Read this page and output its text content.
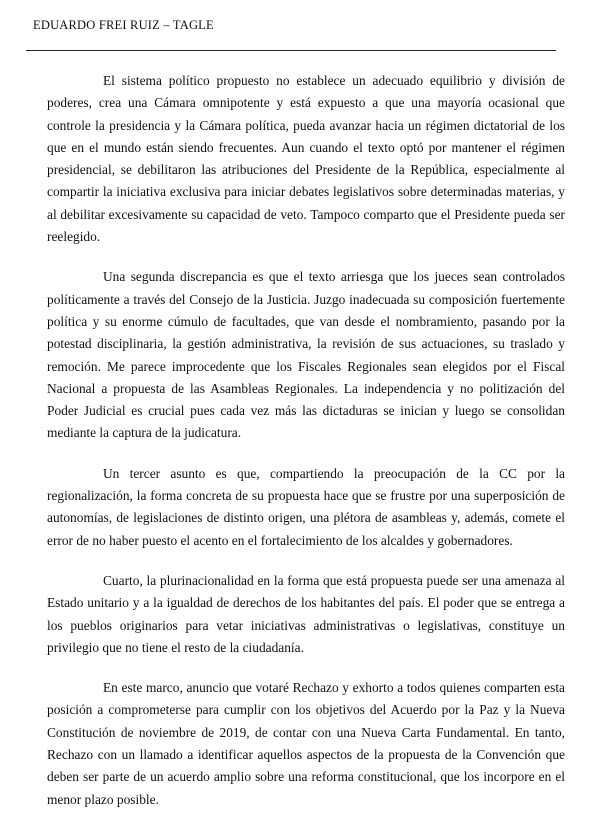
EDUARDO FREI RUIZ – TAGLE

El sistema político propuesto no establece un adecuado equilibrio y división de poderes, crea una Cámara omnipotente y está expuesto a que una mayoría ocasional que controle la presidencia y la Cámara política, pueda avanzar hacia un régimen dictatorial de los que en el mundo están siendo frecuentes. Aun cuando el texto optó por mantener el régimen presidencial, se debilitaron las atribuciones del Presidente de la República, especialmente al compartir la iniciativa exclusiva para iniciar debates legislativos sobre determinadas materias, y al debilitar excesivamente su capacidad de veto. Tampoco comparto que el Presidente pueda ser reelegido.

Una segunda discrepancia es que el texto arriesga que los jueces sean controlados políticamente a través del Consejo de la Justicia. Juzgo inadecuada su composición fuertemente política y su enorme cúmulo de facultades, que van desde el nombramiento, pasando por la potestad disciplinaria, la gestión administrativa, la revisión de sus actuaciones, su traslado y remoción. Me parece improcedente que los Fiscales Regionales sean elegidos por el Fiscal Nacional a propuesta de las Asambleas Regionales. La independencia y no politización del Poder Judicial es crucial pues cada vez más las dictaduras se inician y luego se consolidan mediante la captura de la judicatura.

Un tercer asunto es que, compartiendo la preocupación de la CC por la regionalización, la forma concreta de su propuesta hace que se frustre por una superposición de autonomías, de legislaciones de distinto origen, una plétora de asambleas y, además, comete el error de no haber puesto el acento en el fortalecimiento de los alcaldes y gobernadores.

Cuarto, la plurinacionalidad en la forma que está propuesta puede ser una amenaza al Estado unitario y a la igualdad de derechos de los habitantes del país. El poder que se entrega a los pueblos originarios para vetar iniciativas administrativas o legislativas, constituye un privilegio que no tiene el resto de la ciudadanía.

En este marco, anuncio que votaré Rechazo y exhorto a todos quienes comparten esta posición a comprometerse para cumplir con los objetivos del Acuerdo por la Paz y la Nueva Constitución de noviembre de 2019, de contar con una Nueva Carta Fundamental. En tanto, Rechazo con un llamado a identificar aquellos aspectos de la propuesta de la Convención que deben ser parte de un acuerdo amplio sobre una reforma constitucional, que los incorpore en el menor plazo posible.
